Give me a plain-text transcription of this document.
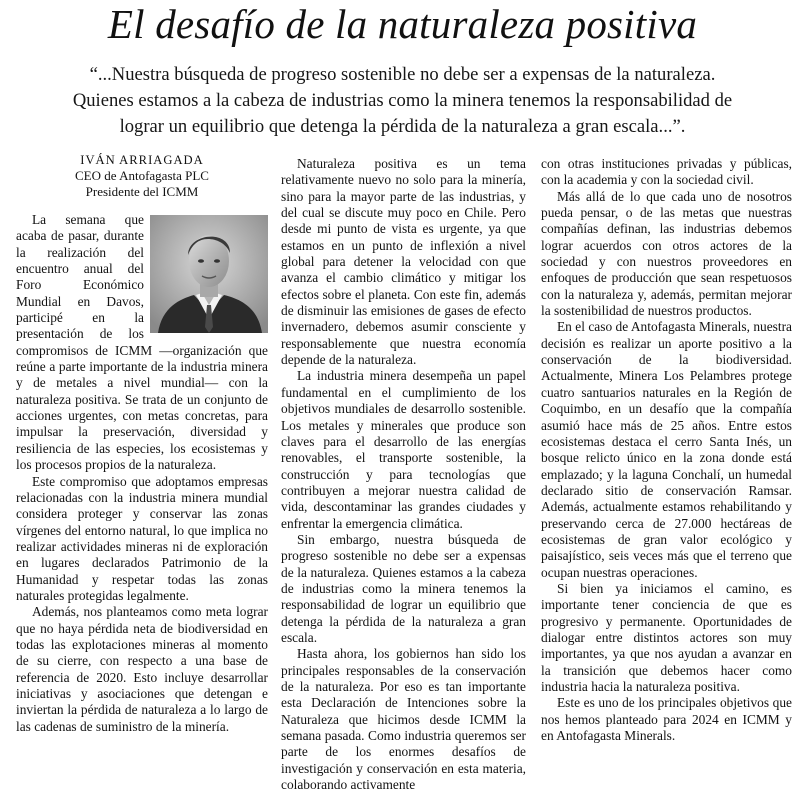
El desafío de la naturaleza positiva

“...Nuestra búsqueda de progreso sostenible no debe ser a expensas de la naturaleza.

Quienes estamos a la cabeza de industrias como la minera tenemos la responsabilidad de

lograr un equilibrio que detenga la pérdida de la naturaleza a gran escala...”.

IVÁN ARRIAGADA
CEO de Antofagasta PLC
Presidente del ICMM

La semana que acaba de pasar, durante la realización del encuentro anual del Foro Económico Mundial en Davos, participé en la presentación de los compromisos de ICMM —organización que reúne a parte importante de la industria minera y de metales a nivel mundial— con la naturaleza positiva. Se trata de un conjunto de acciones urgentes, con metas concretas, para impulsar la preservación, diversidad y resiliencia de las especies, los ecosistemas y los procesos propios de la naturaleza.

Este compromiso que adoptamos empresas relacionadas con la industria minera mundial considera proteger y conservar las zonas vírgenes del entorno natural, lo que implica no realizar actividades mineras ni de exploración en lugares declarados Patrimonio de la Humanidad y respetar todas las zonas naturales protegidas legalmente.

Además, nos planteamos como meta lograr que no haya pérdida neta de biodiversidad en todas las explotaciones mineras al momento de su cierre, con respecto a una base de referencia de 2020. Esto incluye desarrollar iniciativas y asociaciones que detengan e inviertan la pérdida de naturaleza a lo largo de las cadenas de suministro de la minería.

Naturaleza positiva es un tema relativamente nuevo no solo para la minería, sino para la mayor parte de las industrias, y del cual se discute muy poco en Chile. Pero desde mi punto de vista es urgente, ya que estamos en un punto de inflexión a nivel global para detener la velocidad con que avanza el cambio climático y mitigar los efectos sobre el planeta. Con este fin, además de disminuir las emisiones de gases de efecto invernadero, debemos asumir consciente y responsablemente que nuestra economía depende de la naturaleza.

La industria minera desempeña un papel fundamental en el cumplimiento de los objetivos mundiales de desarrollo sostenible. Los metales y minerales que produce son claves para el desarrollo de las energías renovables, el transporte sostenible, la construcción y para tecnologías que contribuyen a mejorar nuestra calidad de vida, descontaminar las grandes ciudades y enfrentar la emergencia climática.

Sin embargo, nuestra búsqueda de progreso sostenible no debe ser a expensas de la naturaleza. Quienes estamos a la cabeza de industrias como la minera tenemos la responsabilidad de lograr un equilibrio que detenga la pérdida de la naturaleza a gran escala.

Hasta ahora, los gobiernos han sido los principales responsables de la conservación de la naturaleza. Por eso es tan importante esta Declaración de Intenciones sobre la Naturaleza que hicimos desde ICMM la semana pasada. Como industria queremos ser parte de los enormes desafíos de investigación y conservación en esta materia, colaborando activamente

con otras instituciones privadas y públicas, con la academia y con la sociedad civil.

Más allá de lo que cada uno de nosotros pueda pensar, o de las metas que nuestras compañías definan, las industrias debemos lograr acuerdos con otros actores de la sociedad y con nuestros proveedores en enfoques de producción que sean respetuosos con la naturaleza y, además, permitan mejorar la sostenibilidad de nuestros productos.

En el caso de Antofagasta Minerals, nuestra decisión es realizar un aporte positivo a la conservación de la biodiversidad. Actualmente, Minera Los Pelambres protege cuatro santuarios naturales en la Región de Coquimbo, en un desafío que la compañía asumió hace más de 25 años. Entre estos ecosistemas destaca el cerro Santa Inés, un bosque relicto único en la zona donde está emplazado; y la laguna Conchalí, un humedal declarado sitio de conservación Ramsar. Además, actualmente estamos rehabilitando y preservando cerca de 27.000 hectáreas de ecosistemas de gran valor ecológico y paisajístico, seis veces más que el terreno que ocupan nuestras operaciones.

Si bien ya iniciamos el camino, es importante tener conciencia de que es progresivo y permanente. Oportunidades de dialogar entre distintos actores son muy importantes, ya que nos ayudan a avanzar en la transición que debemos hacer como industria hacia la naturaleza positiva.

Este es uno de los principales objetivos que nos hemos planteado para 2024 en ICMM y en Antofagasta Minerals.
